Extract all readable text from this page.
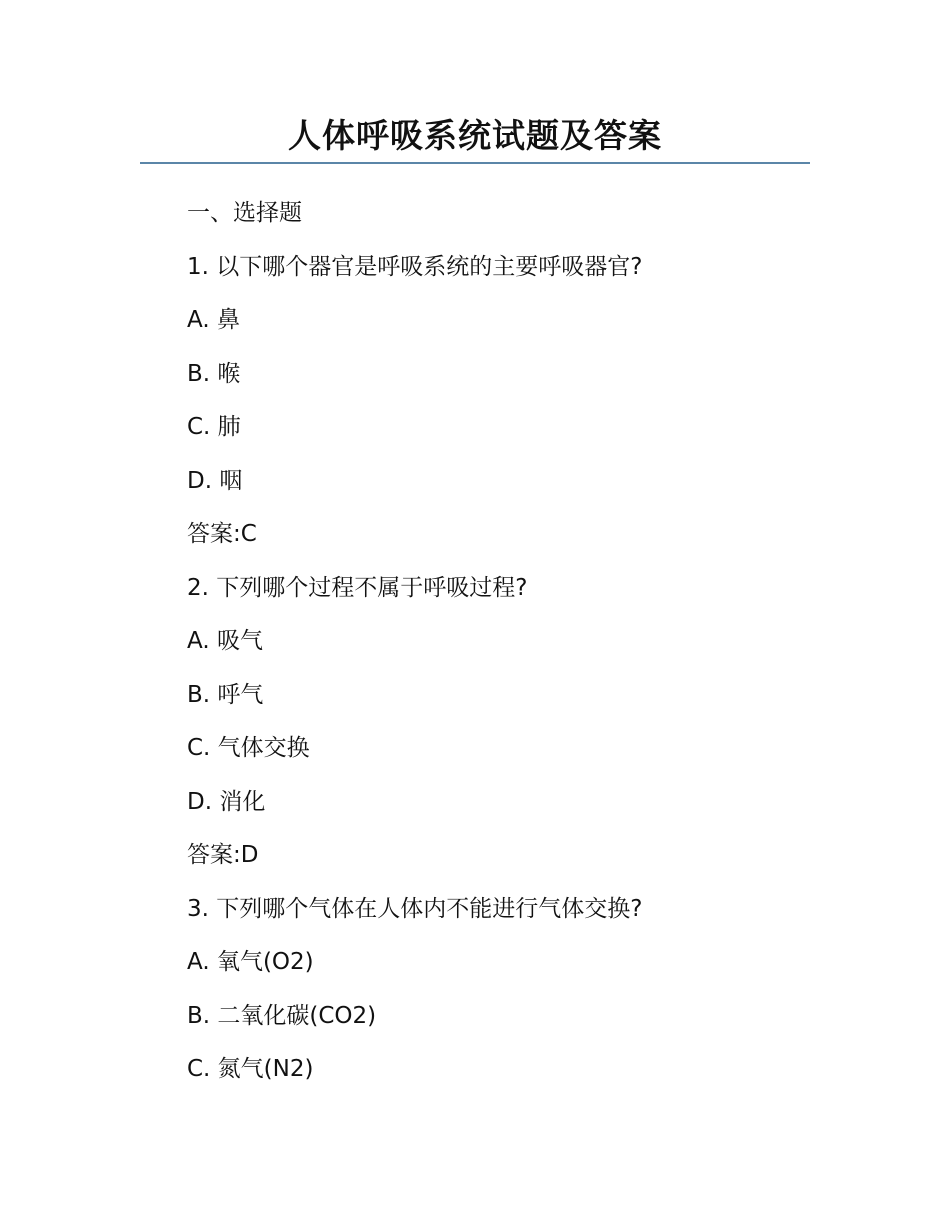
人体呼吸系统试题及答案
一、选择题
1. 以下哪个器官是呼吸系统的主要呼吸器官?
A. 鼻
B. 喉
C. 肺
D. 咽
答案:C
2. 下列哪个过程不属于呼吸过程?
A. 吸气
B. 呼气
C. 气体交换
D. 消化
答案:D
3. 下列哪个气体在人体内不能进行气体交换?
A. 氧气(O2)
B. 二氧化碳(CO2)
C. 氮气(N2)
